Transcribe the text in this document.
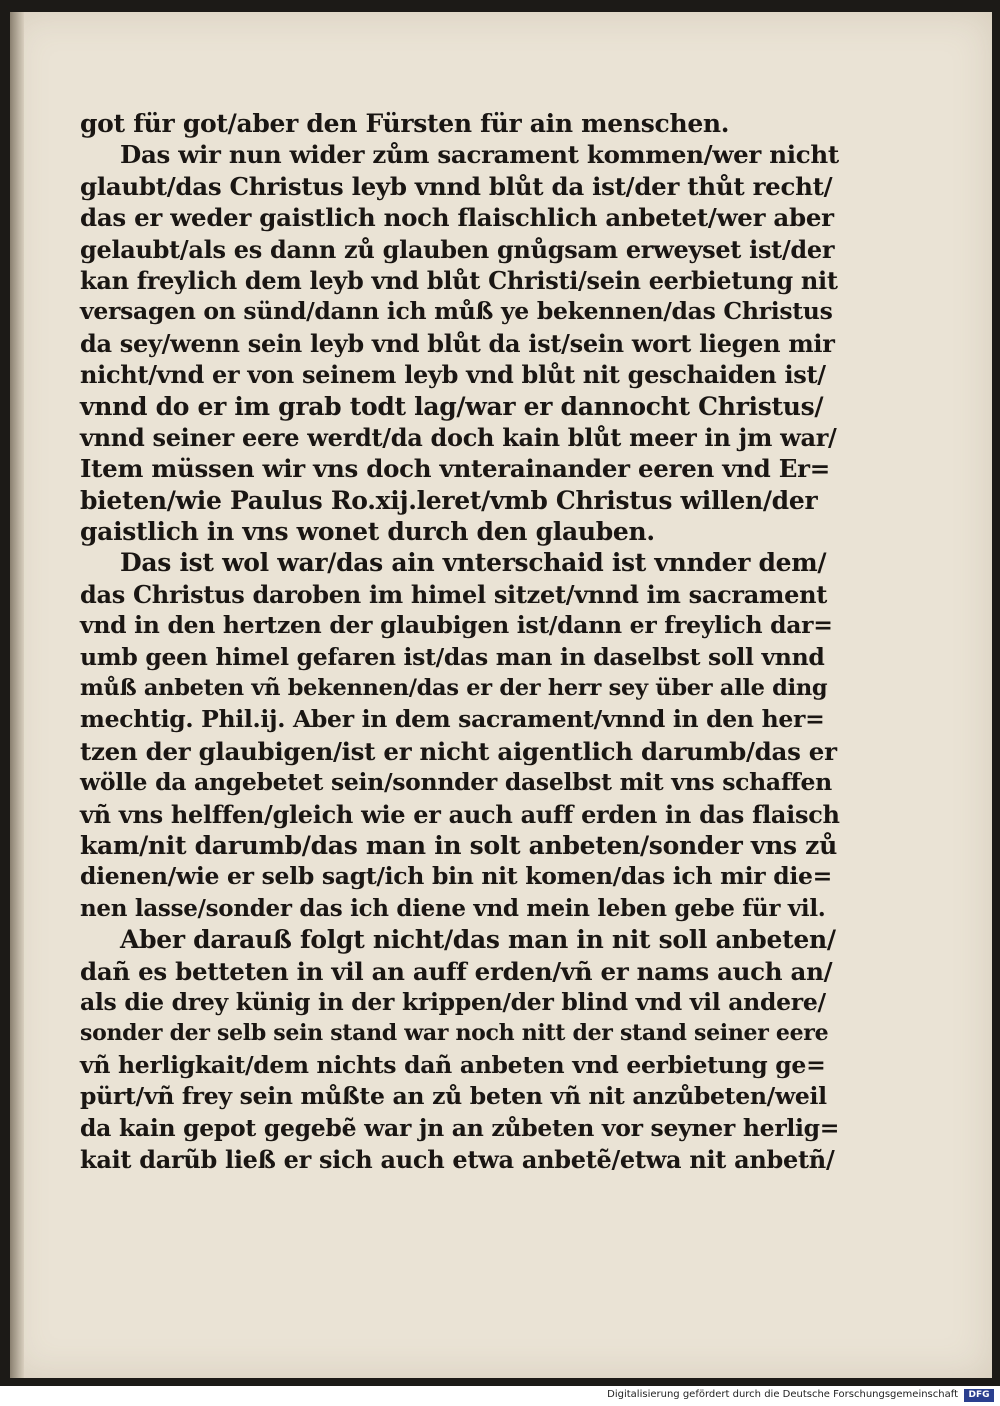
got für got/aber den Fürsten für ain menschen.
Das wir nun wider zům sacrament kommen/wer nicht
glaubt/das Christus leyb vnnd blůt da ist/der thůt recht/
das er weder gaistlich noch flaischlich anbetet/wer aber
gelaubt/als es dann zů glauben gnůgsam erweyset ist/der
kan freylich dem leyb vnd blůt Christi/sein eerbietung nit
versagen on sünd/dann ich můß ye bekennen/das Christus
da sey/wenn sein leyb vnd blůt da ist/sein wort liegen mir
nicht/vnd er von seinem leyb vnd blůt nit geschaiden ist/
vnnd do er im grab todt lag/war er dannocht Christus/
vnnd seiner eere werdt/da doch kain blůt meer in jm war/
Item müssen wir vns doch vnterainander eeren vnd Er=
bieten/wie Paulus Ro.xij.leret/vmb Christus willen/der
gaistlich in vns wonet durch den glauben.
Das ist wol war/das ain vnterschaid ist vnnder dem/
das Christus daroben im himel sitzet/vnnd im sacrament
vnd in den hertzen der glaubigen ist/dann er freylich dar=
umb geen himel gefaren ist/das man in daselbst soll vnnd
můß anbeten vñ bekennen/das er der herr sey über alle ding
mechtig. Phil.ij. Aber in dem sacrament/vnnd in den her=
tzen der glaubigen/ist er nicht aigentlich darumb/das er
wölle da angebetet sein/sonnder daselbst mit vns schaffen
vñ vns helffen/gleich wie er auch auff erden in das flaisch
kam/nit darumb/das man in solt anbeten/sonder vns zů
dienen/wie er selb sagt/ich bin nit komen/das ich mir die=
nen lasse/sonder das ich diene vnd mein leben gebe für vil.
Aber darauß folgt nicht/das man in nit soll anbeten/
dañ es betteten in vil an auff erden/vñ er nams auch an/
als die drey künig in der krippen/der blind vnd vil andere/
sonder der selb sein stand war noch nitt der stand seiner eere
vñ herligkait/dem nichts dañ anbeten vnd eerbietung ge=
pürt/vñ frey sein můßte an zů beten vñ nit anzůbeten/weil
da kain gepot gegebẽ war jn an zůbeten vor seyner herlig=
kait darũb ließ er sich auch etwa anbetẽ/etwa nit anbetñ/
Digitalisierung gefördert durch die Deutsche Forschungsgemeinschaft	DFG
